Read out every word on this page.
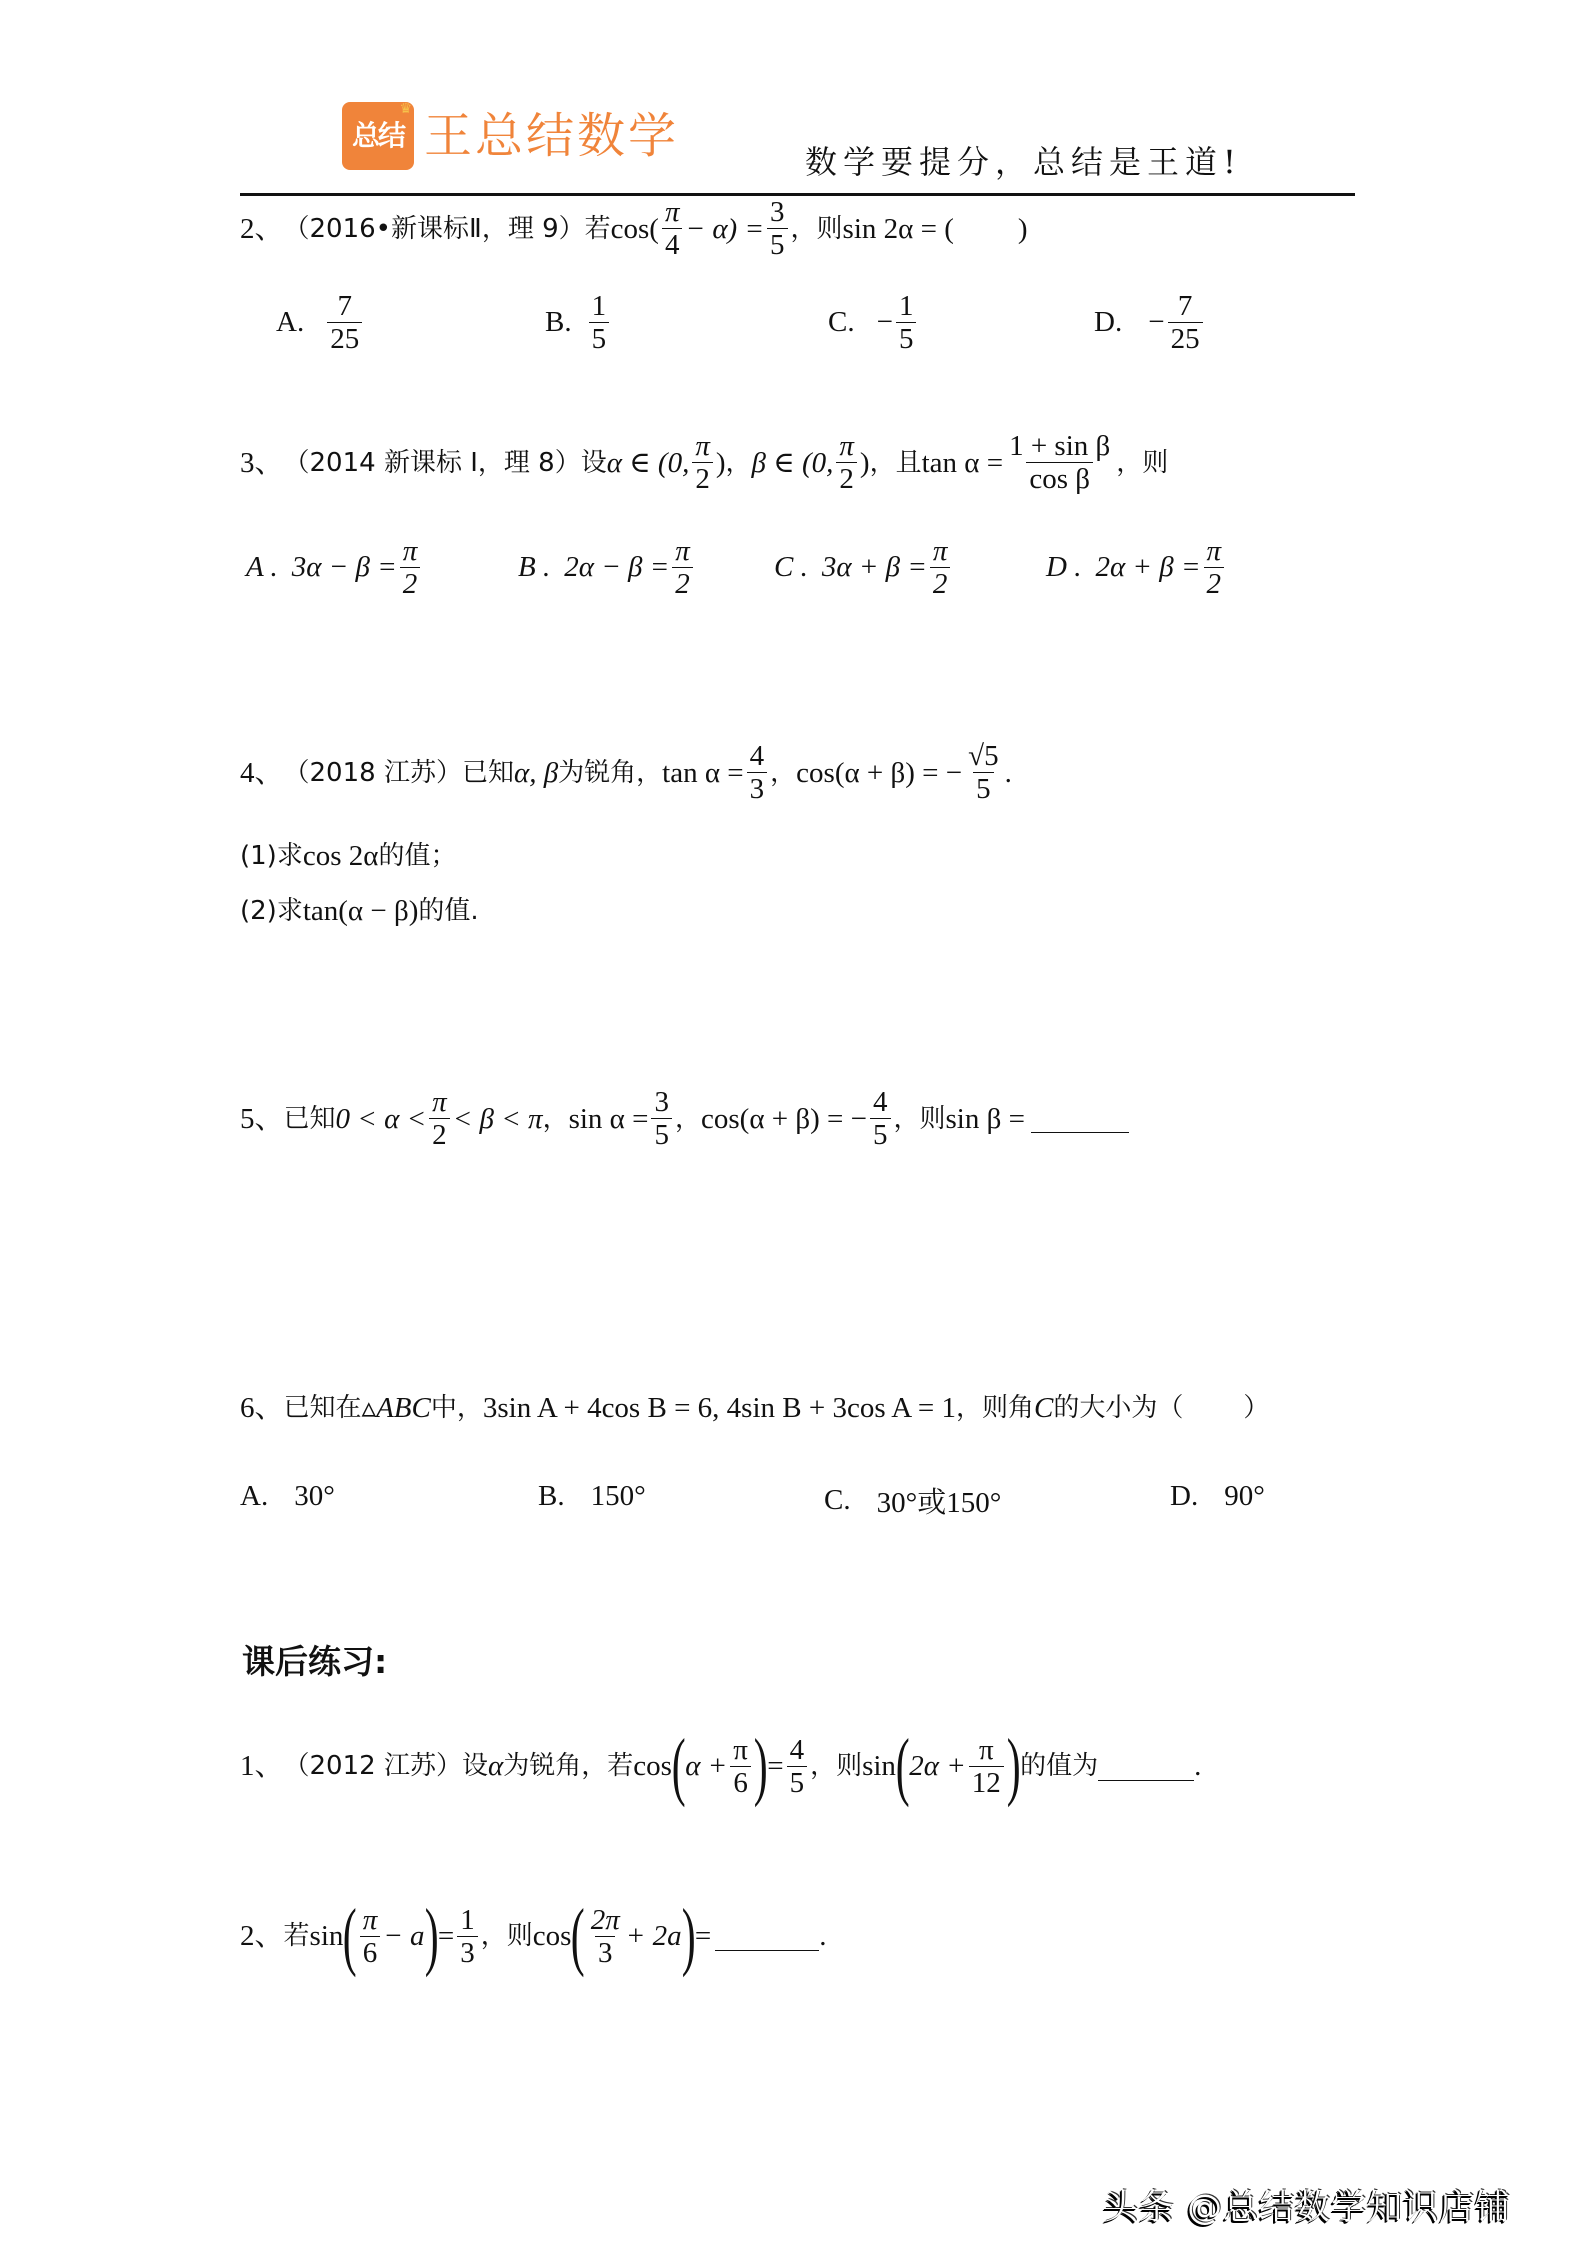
♛
总结 王总结数学	数学要提分，总结是王道!
2、 （2016•新课标Ⅱ，理 9） 若 $\cos( \frac{\pi}{4} - \alpha) = \frac{3}{5}$ ，则 sin 2α = ( )
A. $\frac{7}{25}$	B. $\frac{1}{5}$	C. − $\frac{1}{5}$	D. − $\frac{7}{25}$
3、 （2014 新课标 I，理 8） 设 α ∈ (0, $\frac{\pi}{2}$ ) ， β ∈ (0, $\frac{\pi}{2}$ ) ，且 $\tan \alpha = \frac{\text{1 + sin β}}{\text{cos β}}$ ，则
A . $3\alpha - \beta = \frac{\pi}{2}$	B . $2\alpha - \beta = \frac{\pi}{2}$	C . $3\alpha + \beta = \frac{\pi}{2}$	D . $2\alpha + \beta = \frac{\pi}{2}$
4、 （2018 江苏） 已知 α, β 为锐角， $\tan \alpha = \frac{4}{3}$ ， cos(α + β) = − $\frac{√5}{5}$ .
(1)求 cos 2α 的值；
(2)求 tan(α − β) 的值.
5、 已知 $0 < \alpha < \frac{\pi}{2} < \beta < \pi$ ， $\sin \alpha = \frac{3}{5}$ ， cos(α + β) = − $\frac{4}{5}$ ，则 sin β =
6、 已知在 ▵ABC 中， 3sin A + 4cos B = 6, 4sin B + 3cos A = 1 ，则角 C 的大小为（ ）
A. 30°	B. 150°	C. 30°或150°	D. 90°
课后练习:
1、 （2012 江苏） 设 α 为锐角，若 cos ( $\alpha + \frac{\pi}{6}$ ) = $\frac{4}{5}$ ，则 sin ( $2\alpha + \frac{\pi}{12}$ ) 的值为	.
2、 若 sin ( $\frac{\pi}{6} - a$ ) = $\frac{1}{3}$ ，则 cos ( $\frac{2\pi}{3} + 2a$ ) =	.
头条 @总结数学知识店铺
